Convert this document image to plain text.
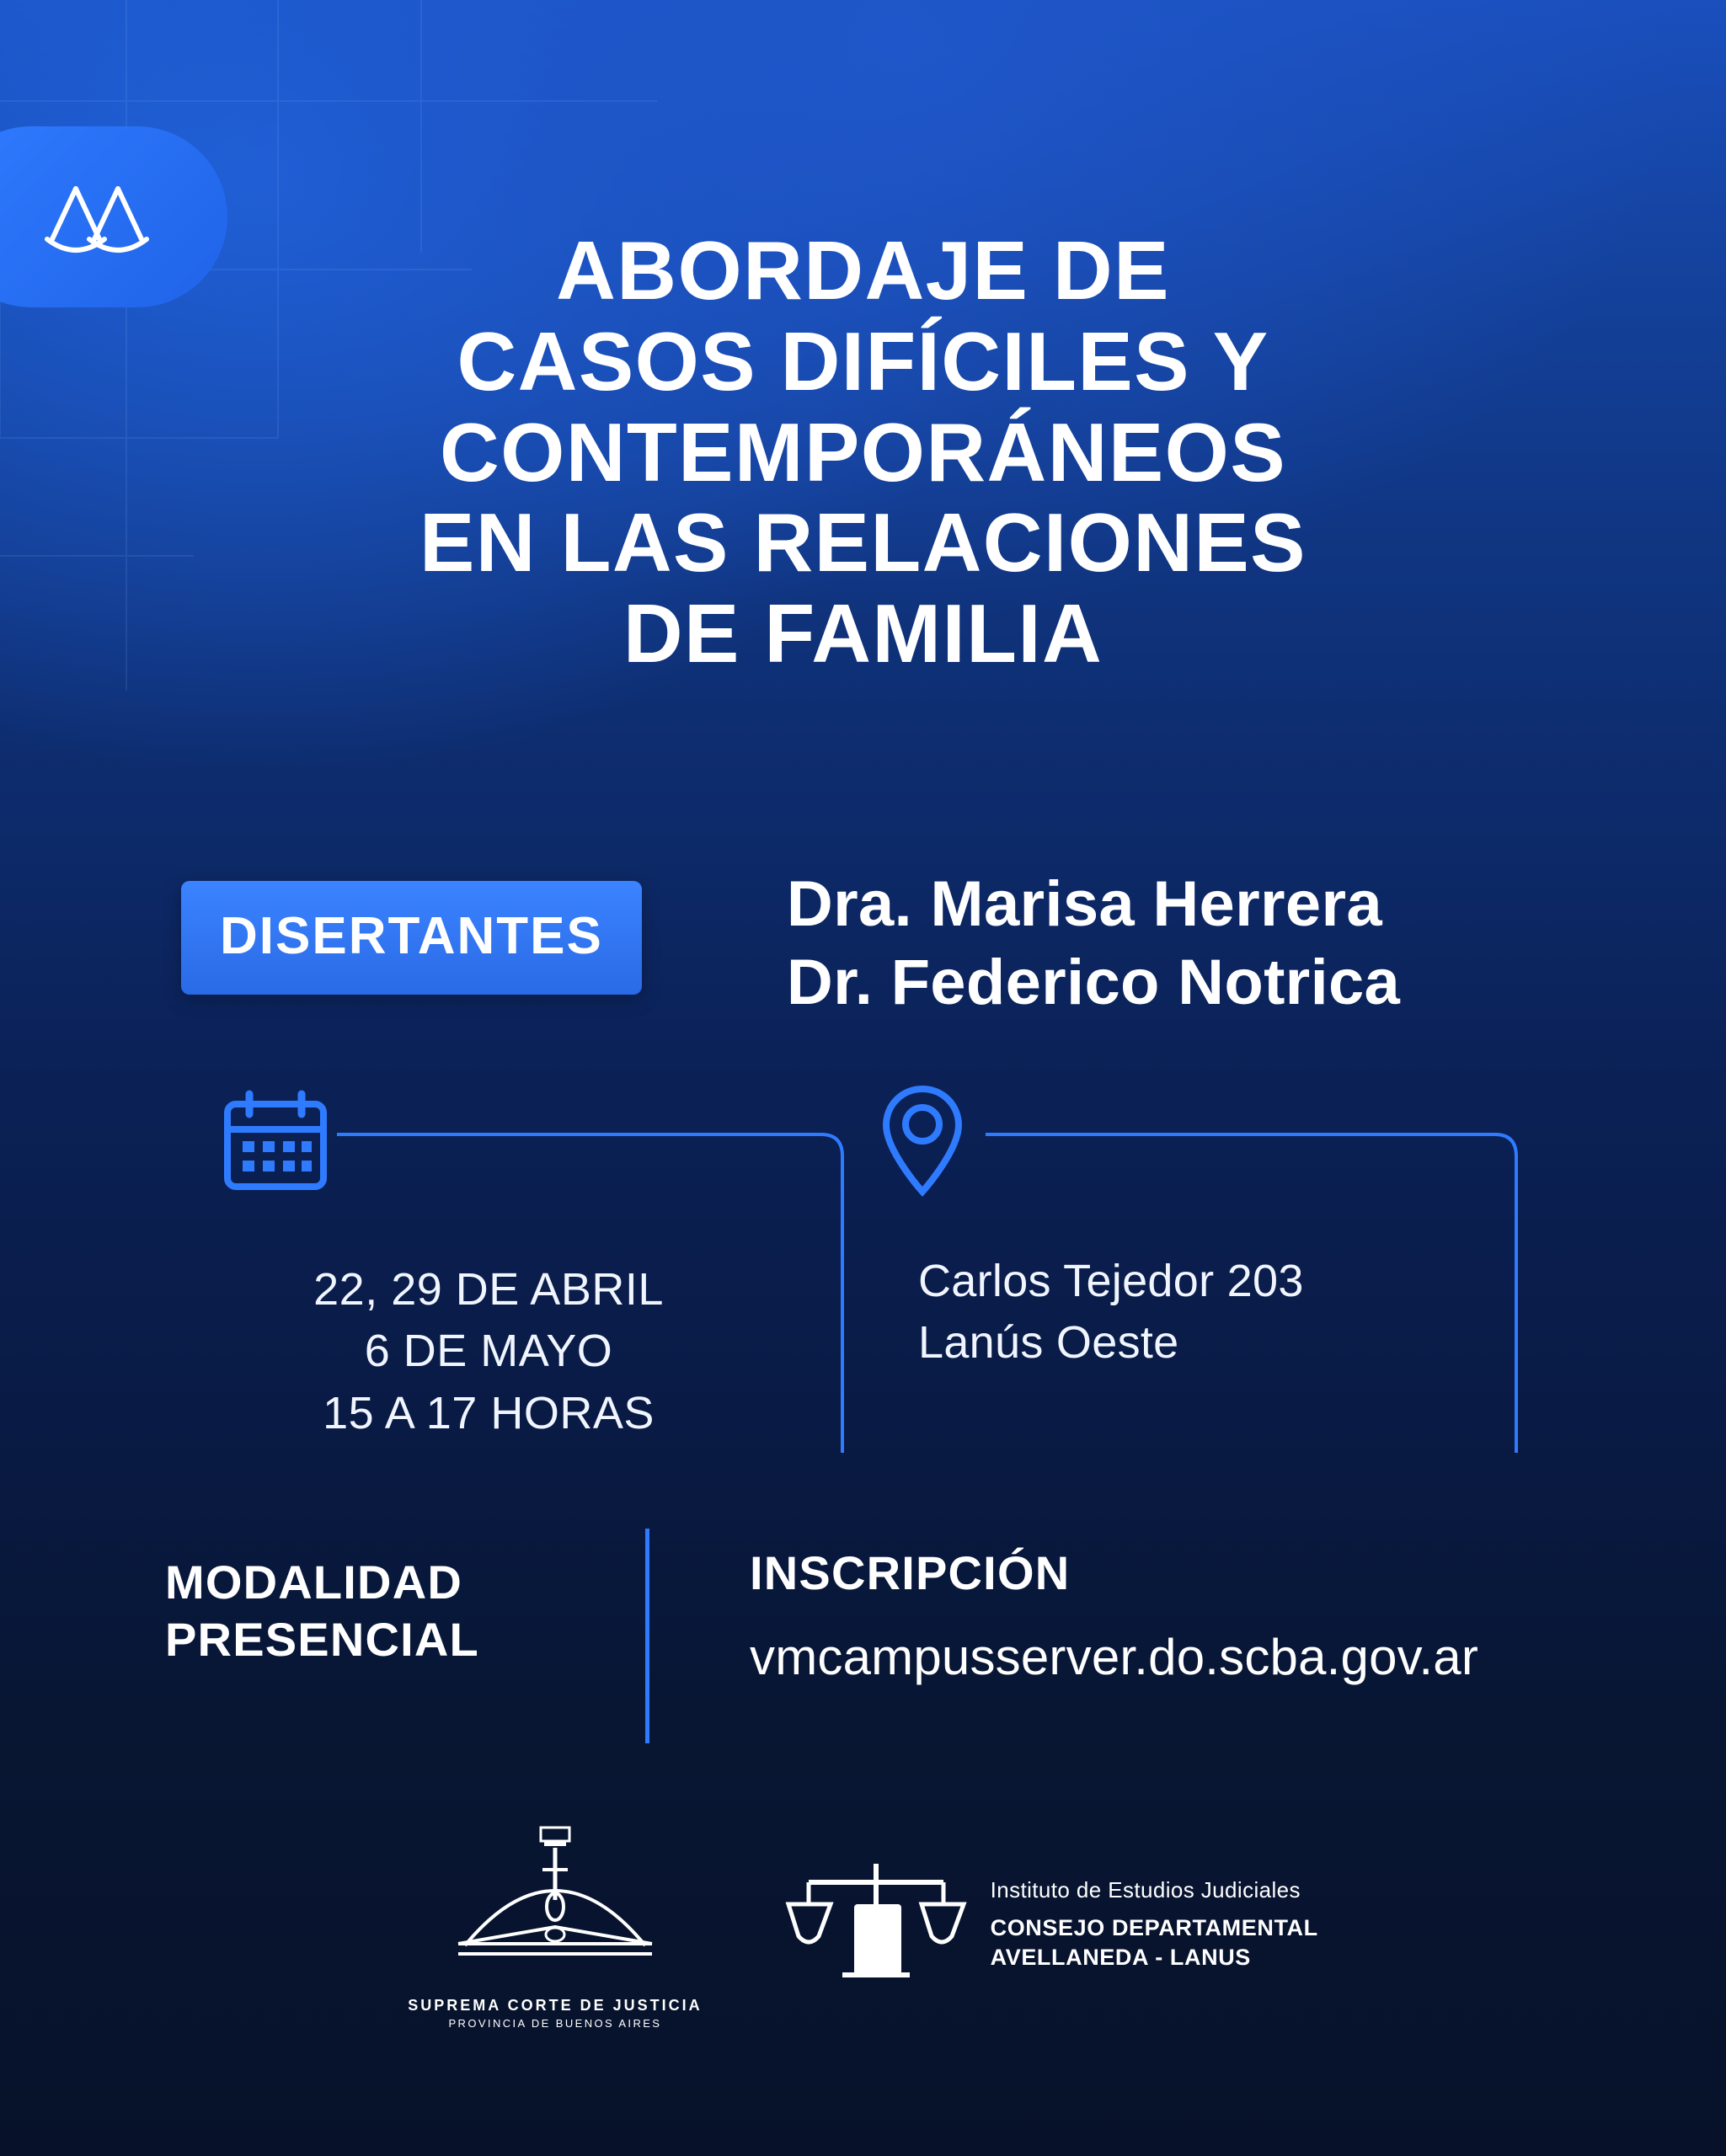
ABORDAJE DE
CASOS DIFÍCILES Y
CONTEMPORÁNEOS
EN LAS RELACIONES
DE FAMILIA
DISERTANTES	Dra. Marisa Herrera
Dr. Federico Notrica
22, 29 DE ABRIL
6 DE MAYO
15 A 17 HORAS
Carlos Tejedor 203
Lanús Oeste
MODALIDAD
PRESENCIAL
INSCRIPCIÓN
vmcampusserver.do.scba.gov.ar
SUPREMA CORTE DE JUSTICIA
PROVINCIA DE BUENOS AIRES
Instituto de Estudios Judiciales
CONSEJO DEPARTAMENTAL
AVELLANEDA - LANUS
